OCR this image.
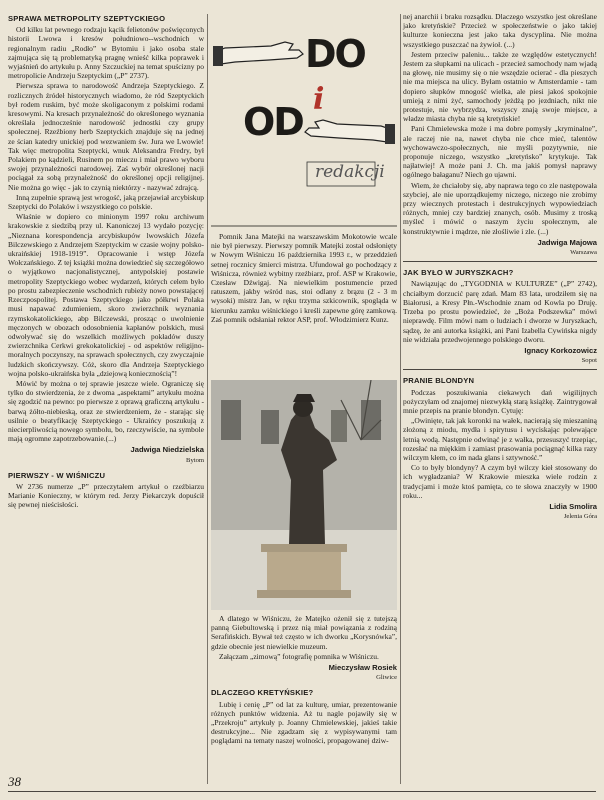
SPRAWA METROPOLITY SZEPTYCKIEGO

Od kilku lat pewnego rodzaju kącik felietonów poświęconych historii Lwowa i kresów południowo--wschodnich w regionalnym radiu „Rodło” w Bytomiu i jako osoba stale zajmująca się tą problematyką pragnę wnieść kilka poprawek i wyjaśnień do artykułu p. Anny Szczuckiej na temat spuścizny po metropolicie Andrzeju Szeptyckim („P” 2737).

Pierwsza sprawa to narodowość Andrzeja Szeptyckiego. Z rozlicznych źródeł historycznych wiadomo, że ród Szeptyckich był rodem ruskim, być może skoligaconym z polskimi rodami kresowymi. Na kresach przynależność do określonego wyznania określała jednocześnie narodowość jednostki czy grupy społecznej. Rzeźbiony herb Szeptyckich znajduje się na jednej ze ścian katedry unickiej pod wezwaniem św. Jura we Lwowie! Tak więc metropolita Szeptycki, wnuk Aleksandra Fredry, był Polakiem po kądzieli, Rusinem po mieczu i miał prawo wyboru swojej przynależności narodowej. Zaś wybór określonej nacji pociągał za sobą przynależność do określonej opcji religijnej. Nie można go więc - jak to czynią niektórzy - nazywać zdrajcą.

Inną zupełnie sprawą jest wrogość, jaką przejawiał arcybiskup Szeptycki do Polaków i wszystkiego co polskie.

Właśnie w dopiero co minionym 1997 roku archiwum krakowskie z siedzibą przy ul. Kanoniczej 13 wydało pozycję: „Nieznana korespondencja arcybiskupów lwowskich Józefa Bilczewskiego z Andrzejem Szeptyckim w czasie wojny polsko-ukraińskiej 1918-1919”. Opracowanie i wstęp Józefa Wołczańskiego. Z tej książki można dowiedzieć się szczegółowo o wyjątkowo nacjonalistycznej, antypolskiej postawie metropolity Szeptyckiego wobec wydarzeń, których celem było po prostu zabezpieczenie wschodnich rubieży nowo powstającej Rzeczpospolitej. Postawa Szeptyckiego jako półkrwi Polaka musi napawać zdumieniem, skoro zwierzchnik wyznania rzymskokatolickiego, abp Bilczewski, prosząc o uwolnienie męczonych w obozach odosobnienia kapłanów polskich, musi odwoływać się do wszelkich możliwych pokładów duszy zwierzchnika Cerkwi grekokatolickiej - od aspektów religijno-moralnych poczynszy, na sprawach społecznych, czy zwyczajnie ludzkich skończywszy. Cóż, skoro dla Andrzeja Szeptyckiego wojna polsko-ukraińska była „dziejową koniecznością”!

Mówić by można o tej sprawie jeszcze wiele. Ograniczę się tylko do stwierdzenia, że z dwoma „aspektami” artykułu można się zgodzić na pewno: po pierwsze z oprawą graficzną artykułu - barwą żółto-niebieską, oraz ze stwierdzeniem, że - starając się usilnie o beatyfikację Szeptyckiego - Ukraińcy poszukują z niecierpliwością nowego symbolu, bo, rzeczywiście, na symbole mają ogromne zapotrzebowanie.(...)

Jadwiga Niedzielska

Bytom

PIERWSZY - W WIŚNICZU

W 2736 numerze „P” przeczytałem artykuł o rzeźbiarzu Marianie Konieczny, w którym red. Jerzy Piekarczyk dopuścił się pewnej nieścisłości.

DO
i
OD
redakcji

Pomnik Jana Matejki na warszawskim Mokotowie wcale nie był pierwszy. Pierwszy pomnik Matejki został odsłonięty w Nowym Wiśniczu 16 października 1993 r., w przeddzień setnej rocznicy śmierci mistrza. Ufundował go pochodzący z Wiśnicza, również wybitny rzeźbiarz, prof. ASP w Krakowie, Czesław Dźwigaj. Na niewielkim postumencie przed ratuszem, jakby wśród nas, stoi odlany z brązu (2 - 3 m wysoki) mistrz Jan, w ręku trzyma szkicownik, spogląda w kierunku zamku wiśnickiego i kreśli zapewne górę zamkową. Zaś pomnik odsłaniał rektor ASP, prof. Włodzimierz Kunz.

A dlatego w Wiśniczu, że Matejko ożenił się z tutejszą panną Giebultowską i przez nią miał powiązania z rodziną Serafińskich. Bywał też często w ich dworku „Korysnówka”, gdzie obecnie jest niewielkie muzeum.

Załączam „zimową” fotografię pomnika w Wiśniczu.

Mieczysław Rosiek

Gliwice

DLACZEGO KRETYŃSKIE?

Lubię i cenię „P” od lat za kulturę, umiar, prezentowanie różnych punktów widzenia. Aż tu nagle pojawiły się w „Przekroju” artykuły p. Joanny Chmielewskiej, jakieś takie destrukcyjne... Nie zgadzam się z wypisywanymi tam poglądami na tematy naszej wolności, propagowanej dziw-

nej anarchii i braku rozsądku. Dlaczego wszystko jest określane jako kretyńskie? Przecież w społeczeństwie o jako takiej kulturze konieczna jest jako taka dyscyplina. Nie można wszystkiego puszczać na żywioł. (...)

Jestem przeciw paleniu... także ze względów estetycznych! Jestem za słupkami na ulicach - przecież samochody nam wjadą na głowę, nie musimy się o nie wszędzie ocierać - dla pieszych nie ma miejsca na ulicy. Byłam ostatnio w Amsterdamie - tam dopiero słupków mnogość wielka, ale piesi jakoś spokojnie umieją z nimi żyć, samochody jeżdżą po jezdniach, nikt nie protestuje, nie wybrzydza, wszyscy znają swoje miejsce, a władze miasta chyba nie są kretyńskie!

Pani Chmielewska może i ma dobre pomysły „kryminalne”, ale raczej nie na, nawet chyba nie chce mieć, talentów wychowawczo-społecznych, nie myśli pozytywnie, nie proponuje niczego, wszystko „kretyńsko” krytykuje. Tak najłatwiej! A może pani J. Ch. ma jakiś pomysł naprawy ogólnego bałaganu? Niech go ujawni.

Wiem, że chciałoby się, aby naprawa tego co zle następowała szybciej, ale nie uporządkujemy niczego, niczego nie zrobimy przy wiecznych protestach i destrukcyjnych wypowiedziach różnych, mniej czy bardziej znanych, osób. Musimy z troską myśleć i mówić o naszym życiu społecznym, ale konstruktywnie i mądrze, nie złośliwie i zle. (...)

Jadwiga Majowa

Warszawa

JAK BYŁO W JURYSZKACH?

Nawiązując do „TYGODNIA w KULTURZE” („P” 2742), chciałbym dorzucić parę zdań. Mam 83 lata, urodziłem się na Białorusi, a Kresy Płn.-Wschodnie znam od Kowla po Druję. Trzeba po prostu powiedzieć, że „Boża Podszewka” mówi nieprawdę. Film mówi nam o ludziach i dworze w Juryszkach, sądzę, że ani autorka książki, ani Pani Izabella Cywińska nigdy nie widziała przedwojennego polskiego dworu.

Ignacy Korkozowicz

Sopot

PRANIE BLONDYN

Podczas poszukiwania ciekawych dań wigilijnych pożyczyłam od znajomej niezwykłą starą książkę. Zaintrygował mnie przepis na pranie blondyn. Cytuję:

„Owinięte, tak jak koronki na wałek, nacierają się mieszaniną złożoną z miodu, mydła i spirytusu i wyciskając polewające letnią wodą. Następnie odwinąć je z wałka, przesuszyć trzepiąc, rozesłać na miękkim i zamiast prasowania pociągnąć kilka razy wilczym kłem, co im nada glans i sztywność.”

Co to były blondyny? A czym był wilczy kieł stosowany do ich wygładzania? W Krakowie mieszka wiele rodzin z tradycjami i może ktoś pamięta, co te słowa znaczyły w 1900 roku...

Lidia Smolira

Jelenia Góra

38
